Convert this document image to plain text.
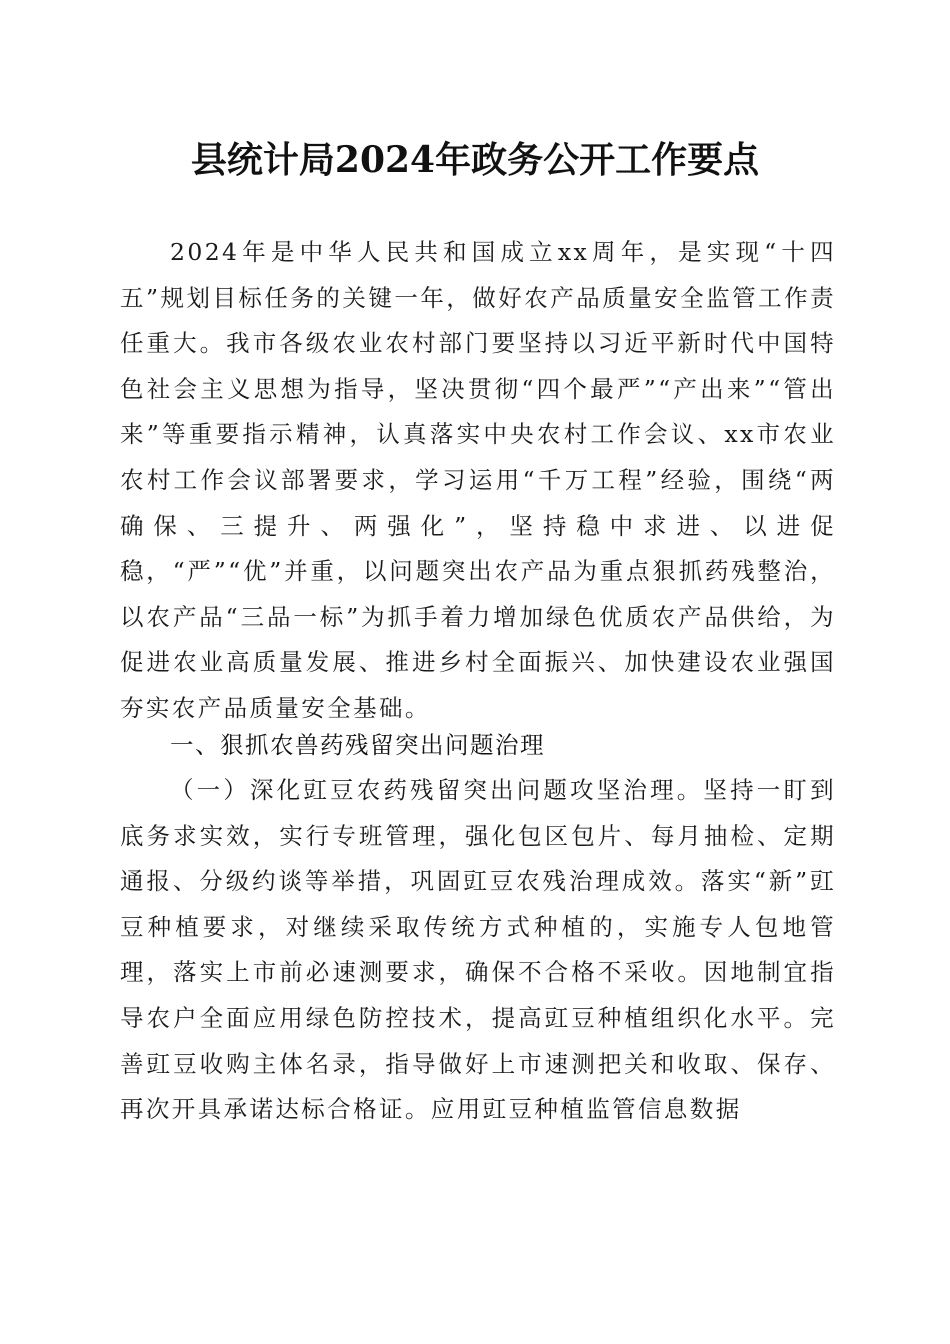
县统计局2024年政务公开工作要点
2024年是中华人民共和国成立xx周年，是实现“十四五”规划目标任务的关键一年，做好农产品质量安全监管工作责任重大。我市各级农业农村部门要坚持以习近平新时代中国特色社会主义思想为指导，坚决贯彻“四个最严”“产出来”“管出来”等重要指示精神，认真落实中央农村工作会议、xx市农业农村工作会议部署要求，学习运用“千万工程”经验，围绕“两确保、三提升、两强化”，坚持稳中求进、以进促稳，“严”“优”并重，以问题突出农产品为重点狠抓药残整治，以农产品“三品一标”为抓手着力增加绿色优质农产品供给，为促进农业高质量发展、推进乡村全面振兴、加快建设农业强国夯实农产品质量安全基础。
一、狠抓农兽药残留突出问题治理
（一）深化豇豆农药残留突出问题攻坚治理。坚持一盯到底务求实效，实行专班管理，强化包区包片、每月抽检、定期通报、分级约谈等举措，巩固豇豆农残治理成效。落实“新”豇豆种植要求，对继续采取传统方式种植的，实施专人包地管理，落实上市前必速测要求，确保不合格不采收。因地制宜指导农户全面应用绿色防控技术，提高豇豆种植组织化水平。完善豇豆收购主体名录，指导做好上市速测把关和收取、保存、再次开具承诺达标合格证。应用豇豆种植监管信息数据
